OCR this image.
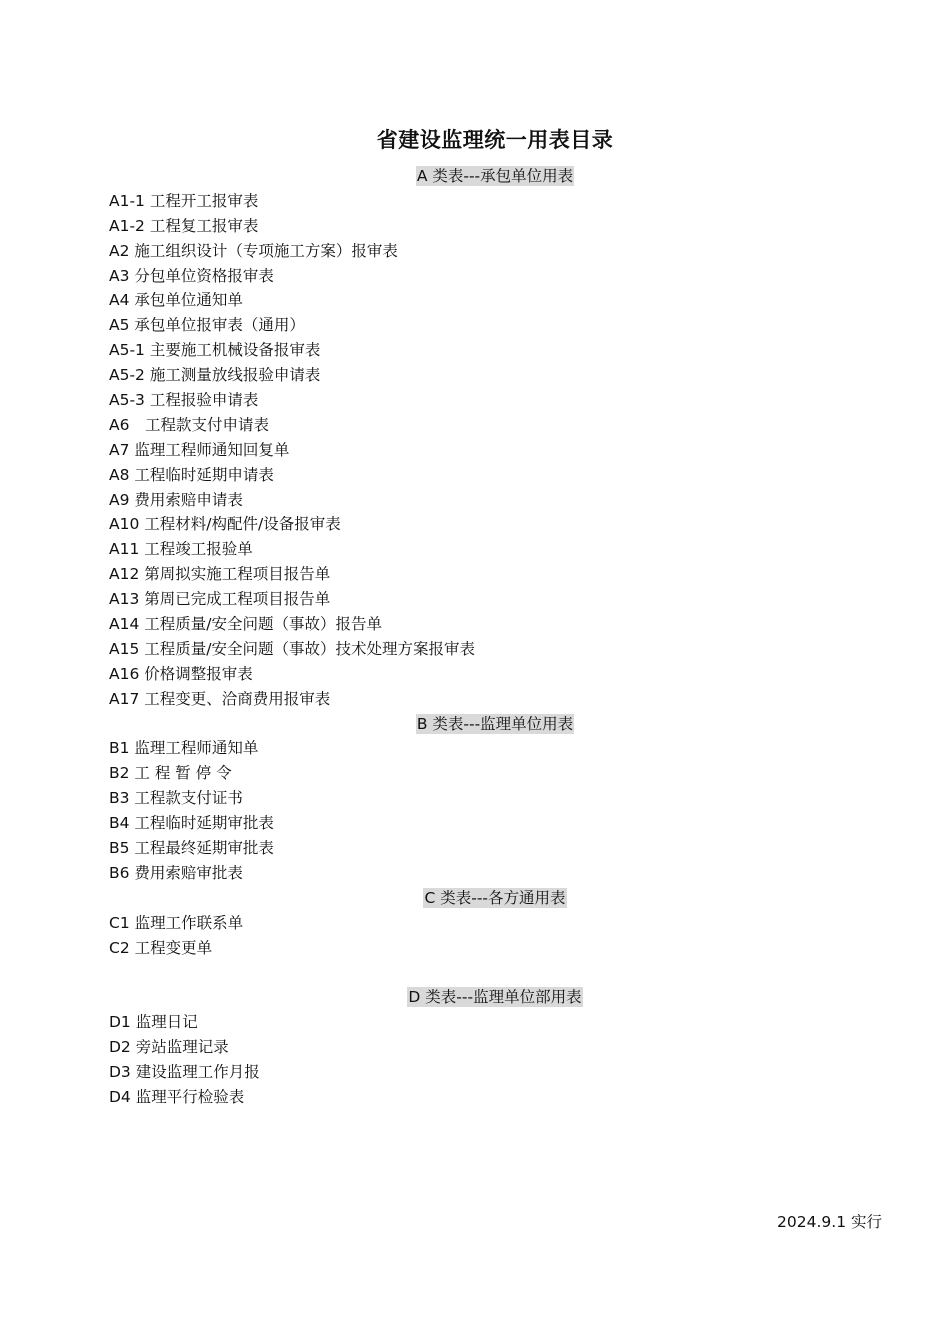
省建设监理统一用表目录
A 类表---承包单位用表
A1-1 工程开工报审表
A1-2 工程复工报审表
A2 施工组织设计（专项施工方案）报审表
A3 分包单位资格报审表
A4 承包单位通知单
A5 承包单位报审表（通用）
A5-1 主要施工机械设备报审表
A5-2 施工测量放线报验申请表
A5-3 工程报验申请表
A6　工程款支付申请表
A7 监理工程师通知回复单
A8 工程临时延期申请表
A9 费用索赔申请表
A10 工程材料/构配件/设备报审表
A11 工程竣工报验单
A12 第周拟实施工程项目报告单
A13 第周已完成工程项目报告单
A14 工程质量/安全问题（事故）报告单
A15 工程质量/安全问题（事故）技术处理方案报审表
A16 价格调整报审表
A17 工程变更、洽商费用报审表
B 类表---监理单位用表
B1 监理工程师通知单
B2 工 程 暂 停 令
B3 工程款支付证书
B4 工程临时延期审批表
B5 工程最终延期审批表
B6 费用索赔审批表
C 类表---各方通用表
C1 监理工作联系单
C2 工程变更单
D 类表---监理单位部用表
D1 监理日记
D2 旁站监理记录
D3 建设监理工作月报
D4 监理平行检验表
2024.9.1 实行
